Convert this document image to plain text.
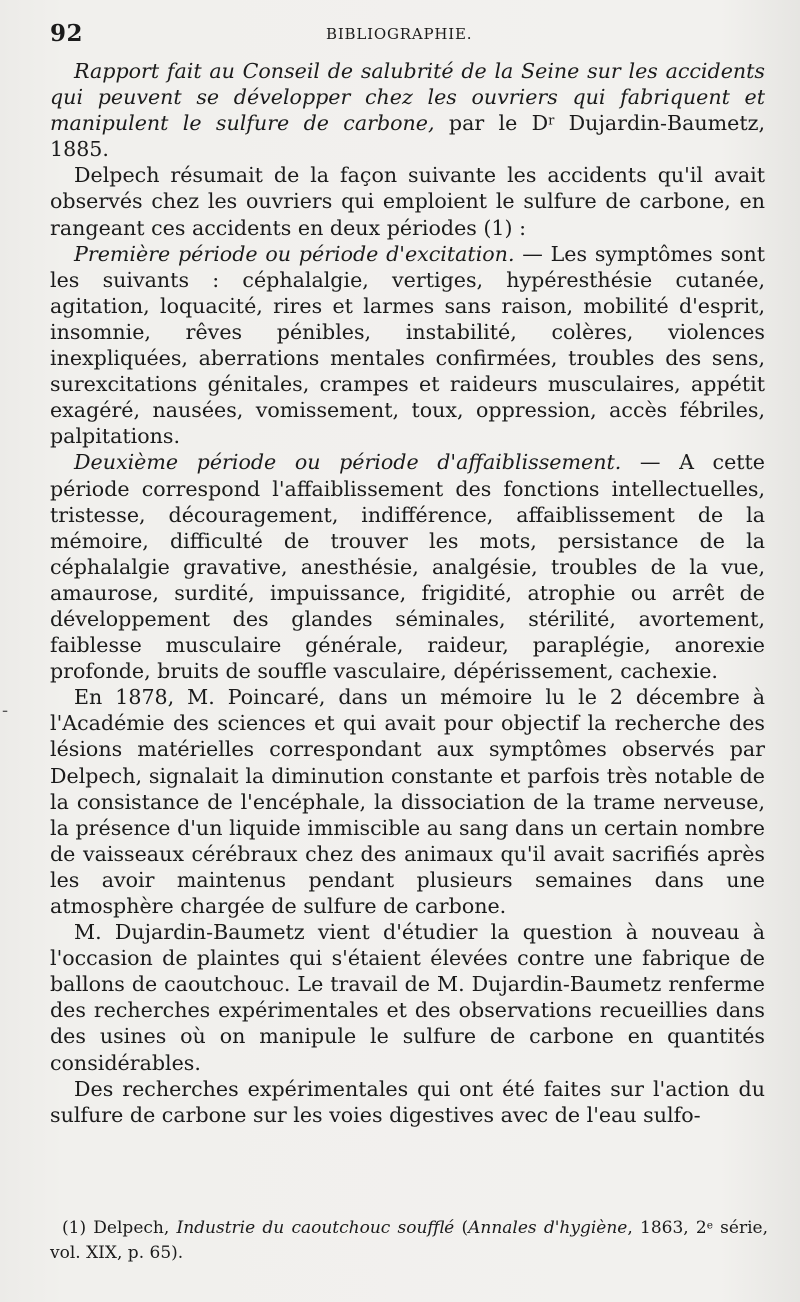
92	BIBLIOGRAPHIE.
-

Rapport fait au Conseil de salubrité de la Seine sur les accidents qui peuvent se développer chez les ouvriers qui fabriquent et manipulent le sulfure de carbone, par le $D^r$ Dujardin-Baumetz, 1885.

Delpech résumait de la façon suivante les accidents qu'il avait observés chez les ouvriers qui emploient le sulfure de carbone, en rangeant ces accidents en deux périodes (1) :

Première période ou période d'excitation. — Les symptômes sont les suivants : céphalalgie, vertiges, hypéresthésie cutanée, agitation, loquacité, rires et larmes sans raison, mobilité d'esprit, insomnie, rêves pénibles, instabilité, colères, violences inexpliquées, aberrations mentales confirmées, troubles des sens, surexcitations génitales, crampes et raideurs musculaires, appétit exagéré, nausées, vomissement, toux, oppression, accès fébriles, palpitations.

Deuxième période ou période d'affaiblissement. — A cette période correspond l'affaiblissement des fonctions intellectuelles, tristesse, découragement, indifférence, affaiblissement de la mémoire, difficulté de trouver les mots, persistance de la céphalalgie gravative, anesthésie, analgésie, troubles de la vue, amaurose, surdité, impuissance, frigidité, atrophie ou arrêt de développement des glandes séminales, stérilité, avortement, faiblesse musculaire générale, raideur, paraplégie, anorexie profonde, bruits de souffle vasculaire, dépérissement, cachexie.

En 1878, M. Poincaré, dans un mémoire lu le 2 décembre à l'Académie des sciences et qui avait pour objectif la recherche des lésions matérielles correspondant aux symptômes observés par Delpech, signalait la diminution constante et parfois très notable de la consistance de l'encéphale, la dissociation de la trame nerveuse, la présence d'un liquide immiscible au sang dans un certain nombre de vaisseaux cérébraux chez des animaux qu'il avait sacrifiés après les avoir maintenus pendant plusieurs semaines dans une atmosphère chargée de sulfure de carbone.

M. Dujardin-Baumetz vient d'étudier la question à nouveau à l'occasion de plaintes qui s'étaient élevées contre une fabrique de ballons de caoutchouc. Le travail de M. Dujardin-Baumetz renferme des recherches expérimentales et des observations recueillies dans des usines où on manipule le sulfure de carbone en quantités considérables.

Des recherches expérimentales qui ont été faites sur l'action du sulfure de carbone sur les voies digestives avec de l'eau sulfo-

(1) Delpech, Industrie du caoutchouc soufflé (Annales d'hygiène, 1863, 2e série, vol. XIX, p. 65).
